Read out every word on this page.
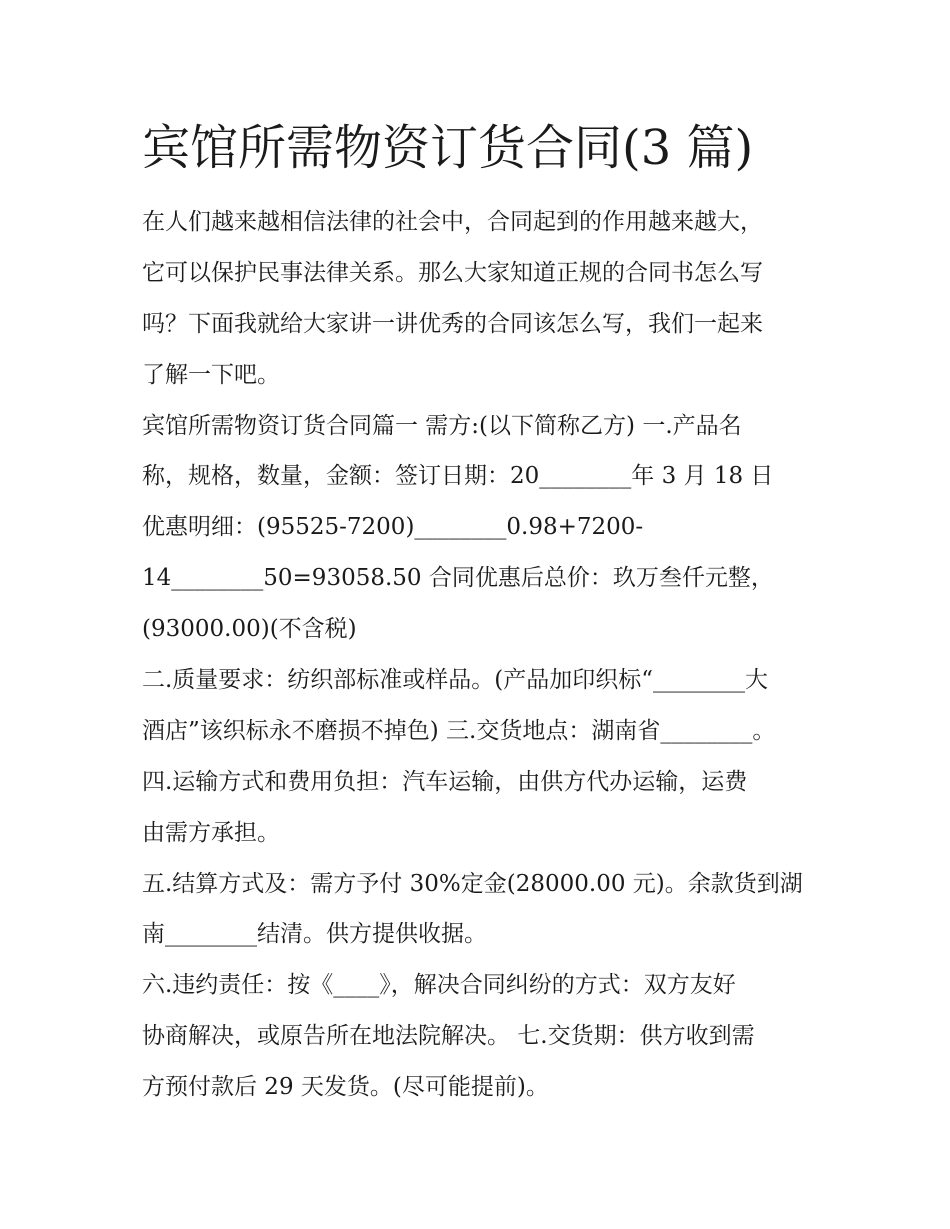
宾馆所需物资订货合同(3 篇)
在人们越来越相信法律的社会中，合同起到的作用越来越大，
它可以保护民事法律关系。那么大家知道正规的合同书怎么写
吗？下面我就给大家讲一讲优秀的合同该怎么写，我们一起来
了解一下吧。
宾馆所需物资订货合同篇一 需方:(以下简称乙方) 一.产品名
称，规格，数量，金额：签订日期：20________年 3 月 18 日
优惠明细：(95525-7200)________0.98+7200-
14________50=93058.50 合同优惠后总价：玖万叁仟元整，
(93000.00)(不含税)
二.质量要求：纺织部标准或样品。(产品加印织标“________大
酒店”该织标永不磨损不掉色) 三.交货地点：湖南省________。
四.运输方式和费用负担：汽车运输，由供方代办运输，运费
由需方承担。
五.结算方式及：需方予付 30%定金(28000.00 元)。余款货到湖
南________结清。供方提供收据。
六.违约责任：按《____》，解决合同纠纷的方式：双方友好
协商解决，或原告所在地法院解决。 七.交货期：供方收到需
方预付款后 29 天发货。(尽可能提前)。
